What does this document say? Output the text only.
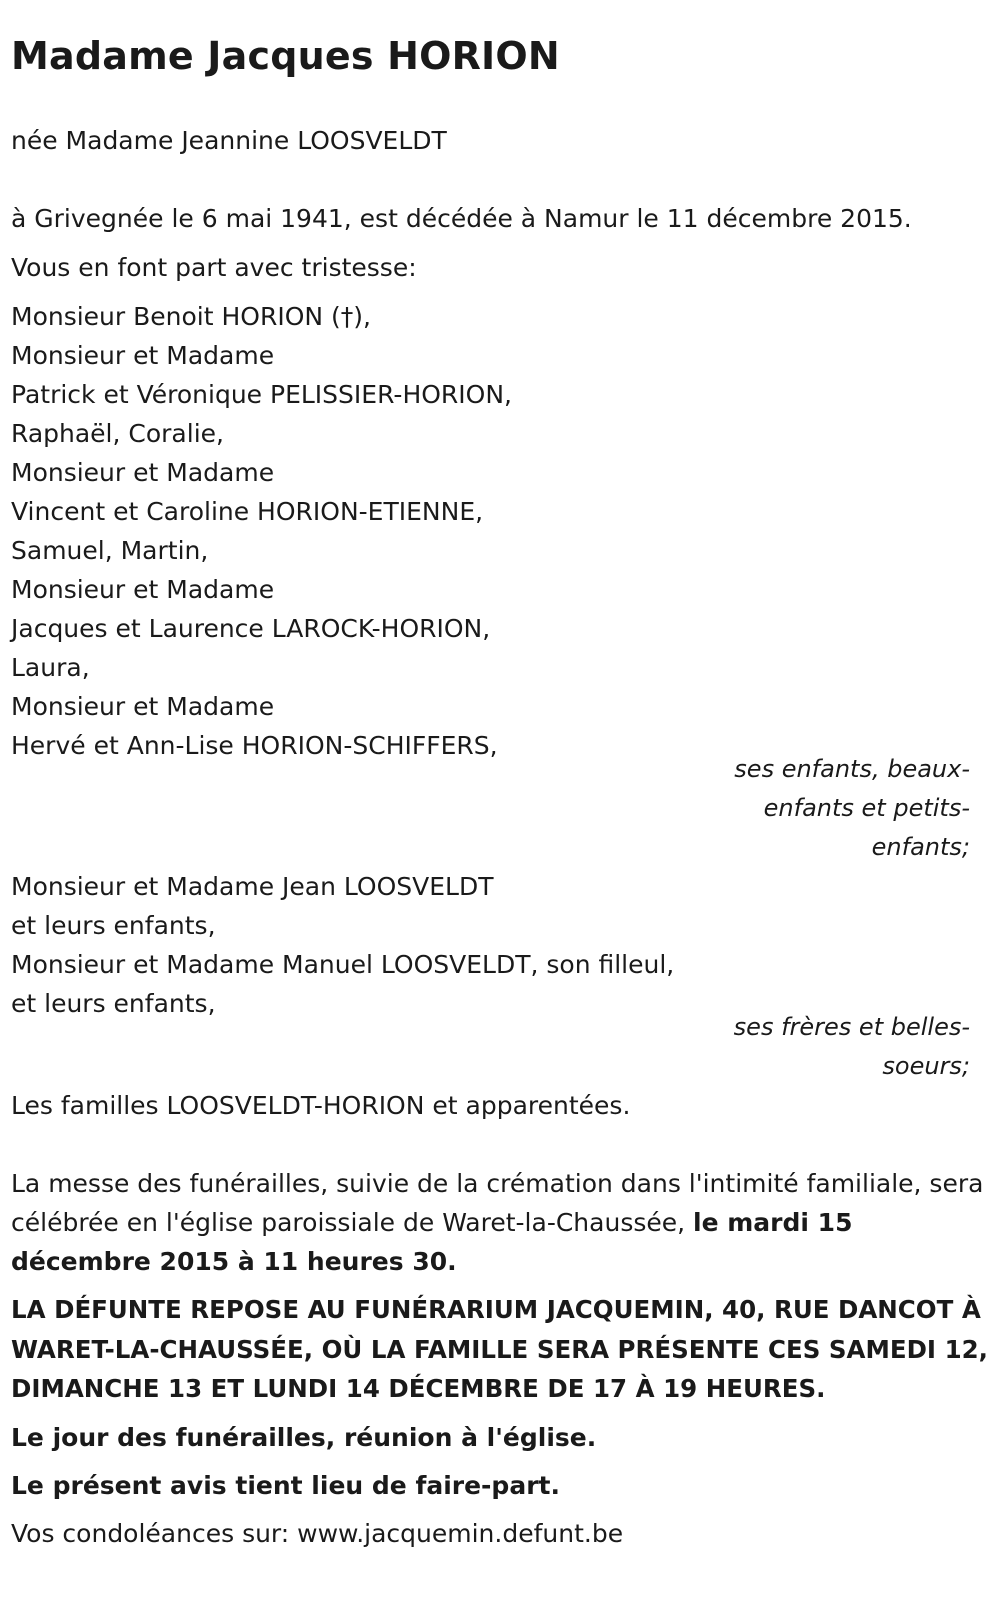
Madame Jacques HORION

née Madame Jeannine LOOSVELDT

à Grivegnée le 6 mai 1941, est décédée à Namur le 11 décembre 2015.

Vous en font part avec tristesse:

Monsieur Benoit HORION (†),

Monsieur et Madame

Patrick et Véronique PELISSIER-HORION,

Raphaël, Coralie,

Monsieur et Madame

Vincent et Caroline HORION-ETIENNE,

Samuel, Martin,

Monsieur et Madame

Jacques et Laurence LAROCK-HORION,

Laura,

Monsieur et Madame

Hervé et Ann-Lise HORION-SCHIFFERS,

ses enfants, beaux-

enfants et petits-

enfants;

Monsieur et Madame Jean LOOSVELDT

et leurs enfants,

Monsieur et Madame Manuel LOOSVELDT, son filleul,

et leurs enfants,

ses frères et belles-

soeurs;

Les familles LOOSVELDT-HORION et apparentées.

La messe des funérailles, suivie de la crémation dans l'intimité familiale, sera célébrée en l'église paroissiale de Waret-la-Chaussée, le mardi 15 décembre 2015 à 11 heures 30.

LA DÉFUNTE REPOSE AU FUNÉRARIUM JACQUEMIN, 40, RUE DANCOT À WARET-LA-CHAUSSÉE, OÙ LA FAMILLE SERA PRÉSENTE CES SAMEDI 12, DIMANCHE 13 ET LUNDI 14 DÉCEMBRE DE 17 À 19 HEURES.

Le jour des funérailles, réunion à l'église.

Le présent avis tient lieu de faire-part.

Vos condoléances sur: www.jacquemin.defunt.be
